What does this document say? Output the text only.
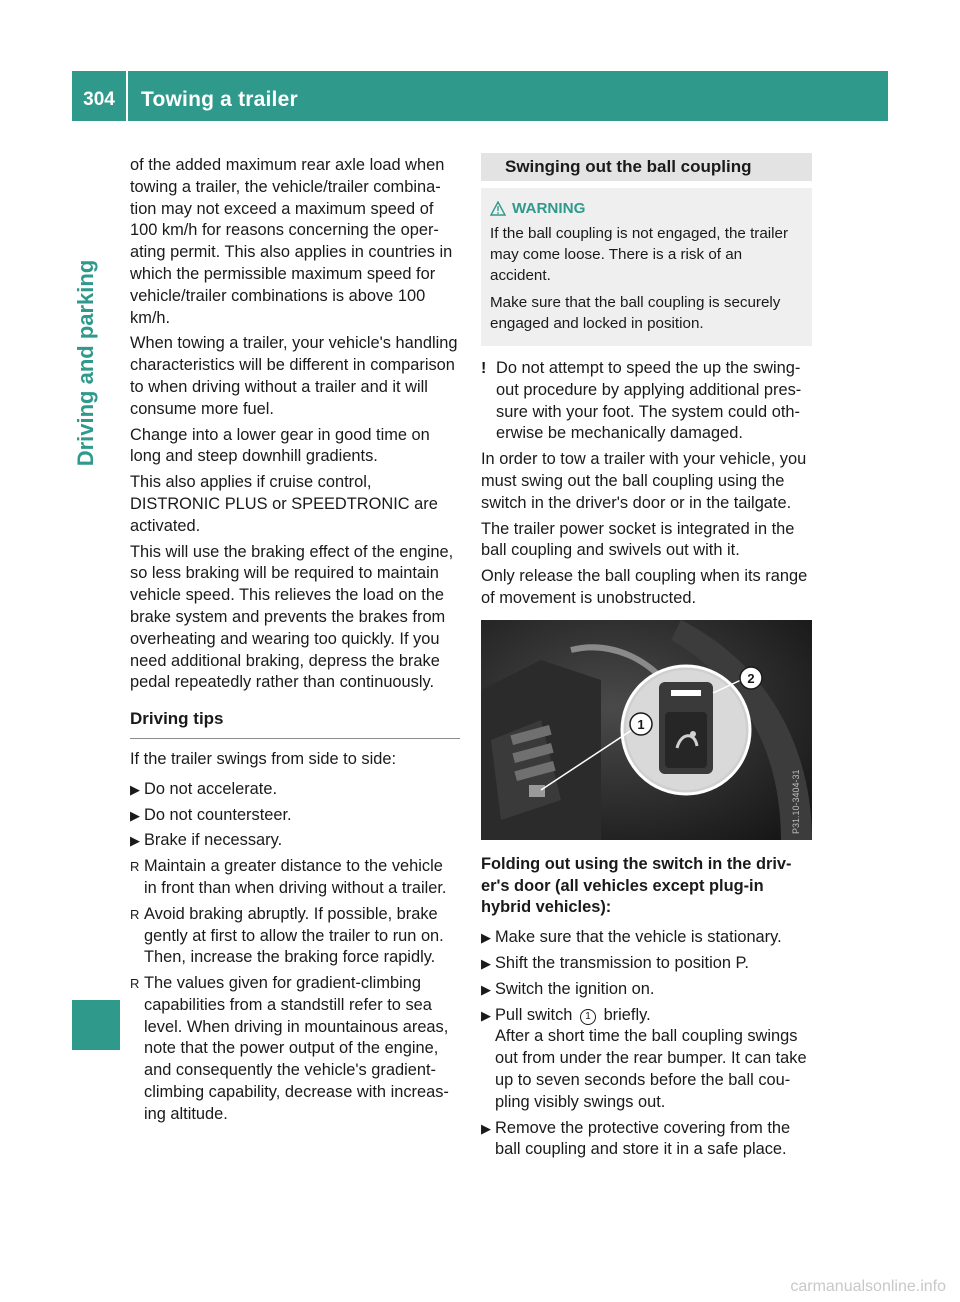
304	Towing a trailer
Driving and parking

of the added maximum rear axle load when towing a trailer, the vehicle/trailer combina-tion may not exceed a maximum speed of 100 km/h for reasons concerning the oper-ating permit. This also applies in countries in which the permissible maximum speed for vehicle/trailer combinations is above 100 km/h.

When towing a trailer, your vehicle's handling characteristics will be different in comparison to when driving without a trailer and it will consume more fuel.

Change into a lower gear in good time on long and steep downhill gradients.

This also applies if cruise control, DISTRONIC PLUS or SPEEDTRONIC are activated.

This will use the braking effect of the engine, so less braking will be required to maintain vehicle speed. This relieves the load on the brake system and prevents the brakes from overheating and wearing too quickly. If you need additional braking, depress the brake pedal repeatedly rather than continuously.

Driving tips

If the trailer swings from side to side:

▶ Do not accelerate.
▶ Do not countersteer.
▶ Brake if necessary.
R Maintain a greater distance to the vehicle in front than when driving without a trailer.
R Avoid braking abruptly. If possible, brake gently at first to allow the trailer to run on. Then, increase the braking force rapidly.
R The values given for gradient-climbing capabilities from a standstill refer to sea level. When driving in mountainous areas, note that the power output of the engine, and consequently the vehicle's gradient-climbing capability, decrease with increas-ing altitude.
Swinging out the ball coupling
WARNING

If the ball coupling is not engaged, the trailer may come loose. There is a risk of an accident.

Make sure that the ball coupling is securely engaged and locked in position.

! Do not attempt to speed the up the swing-out procedure by applying additional pres-sure with your foot. The system could oth-erwise be mechanically damaged.

In order to tow a trailer with your vehicle, you must swing out the ball coupling using the switch in the driver's door or in the tailgate.

The trailer power socket is integrated in the ball coupling and swivels out with it.

Only release the ball coupling when its range of movement is unobstructed.

1
2
P31.10-3404-31
Folding out using the switch in the driv-er's door (all vehicles except plug-in hybrid vehicles):
▶ Make sure that the vehicle is stationary.
▶ Shift the transmission to position P.
▶ Switch the ignition on.
▶ Pull switch 1 briefly.
After a short time the ball coupling swings out from under the rear bumper. It can take up to seven seconds before the ball cou-pling visibly swings out.
▶ Remove the protective covering from the ball coupling and store it in a safe place.
carmanualsonline.info
